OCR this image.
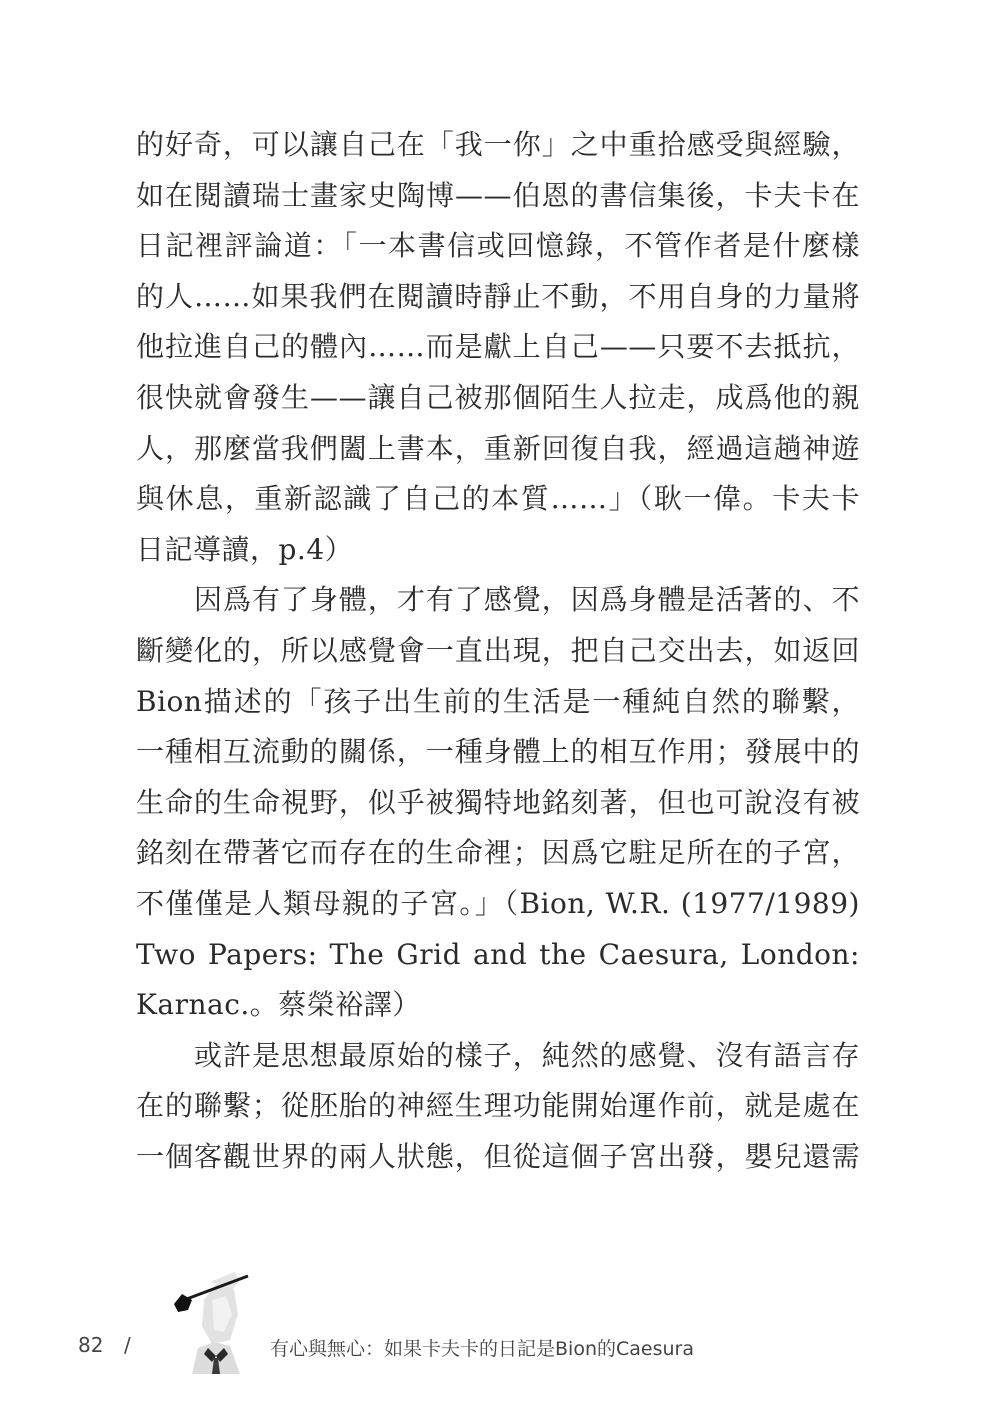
的好奇，可以讓自己在「我一你」之中重拾感受與經驗，
如在閱讀瑞士畫家史陶博——伯恩的書信集後，卡夫卡在
日記裡評論道：「一本書信或回憶錄，不管作者是什麼樣
的人……如果我們在閱讀時靜止不動，不用自身的力量將
他拉進自己的體內……而是獻上自己——只要不去抵抗，
很快就會發生——讓自己被那個陌生人拉走，成爲他的親
人，那麼當我們闔上書本，重新回復自我，經過這趟神遊
與休息，重新認識了自己的本質……」（耿一偉。卡夫卡
日記導讀，p.4）
因爲有了身體，才有了感覺，因爲身體是活著的、不
斷變化的，所以感覺會一直出現，把自己交出去，如返回
Bion描述的「孩子出生前的生活是一種純自然的聯繫，
一種相互流動的關係，一種身體上的相互作用；發展中的
生命的生命視野，似乎被獨特地銘刻著，但也可說沒有被
銘刻在帶著它而存在的生命裡；因爲它駐足所在的子宮，
不僅僅是人類母親的子宮。」（Bion, W.R. (1977/1989)
Two Papers: The Grid and the Caesura, London:
Karnac.。蔡榮裕譯）
或許是思想最原始的樣子，純然的感覺、沒有語言存
在的聯繫；從胚胎的神經生理功能開始運作前，就是處在
一個客觀世界的兩人狀態，但從這個子宮出發，嬰兒還需
82 /	有心與無心：如果卡夫卡的日記是Bion的Caesura
